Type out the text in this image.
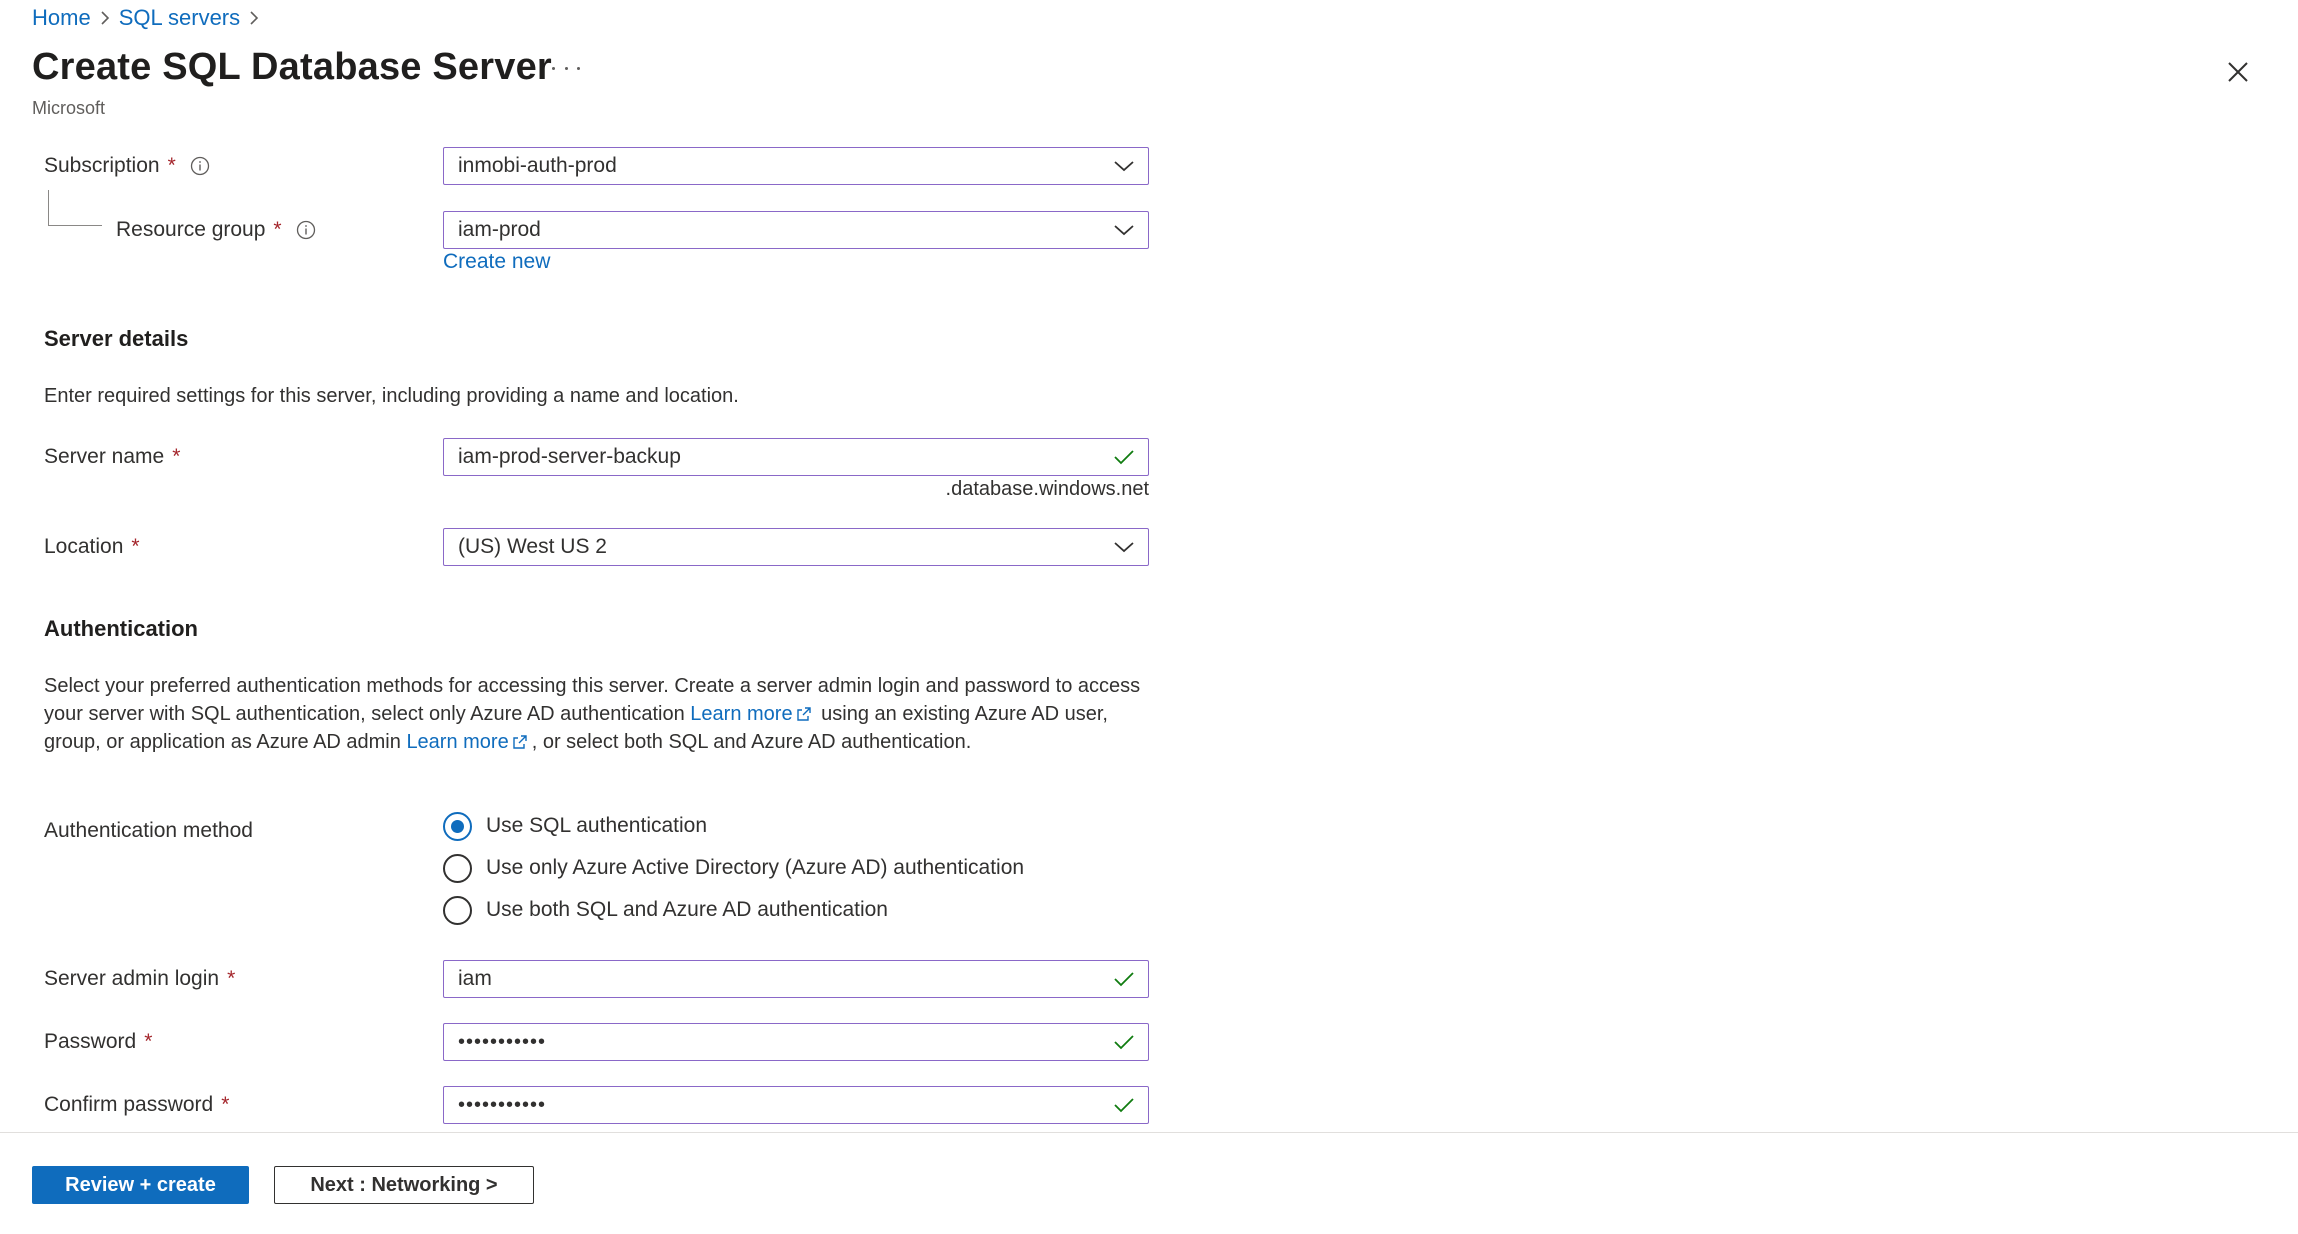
Home SQL servers
Create SQL Database Server
Microsoft
Subscription *	inmobi-auth-prod
Resource group *	iam-prod
Create new
Server details
Enter required settings for this server, including providing a name and location.
Server name *	iam-prod-server-backup
.database.windows.net
Location *	(US) West US 2
Authentication
Select your preferred authentication methods for accessing this server. Create a server admin login and password to access your server with SQL authentication, select only Azure AD authentication Learn more using an existing Azure AD user, group, or application as Azure AD admin Learn more , or select both SQL and Azure AD authentication.
Authentication method	Use SQL authentication
Use only Azure Active Directory (Azure AD) authentication
Use both SQL and Azure AD authentication
Server admin login *	iam
Password *	•••••••••••
Confirm password *	•••••••••••
Review + create	Next : Networking >
